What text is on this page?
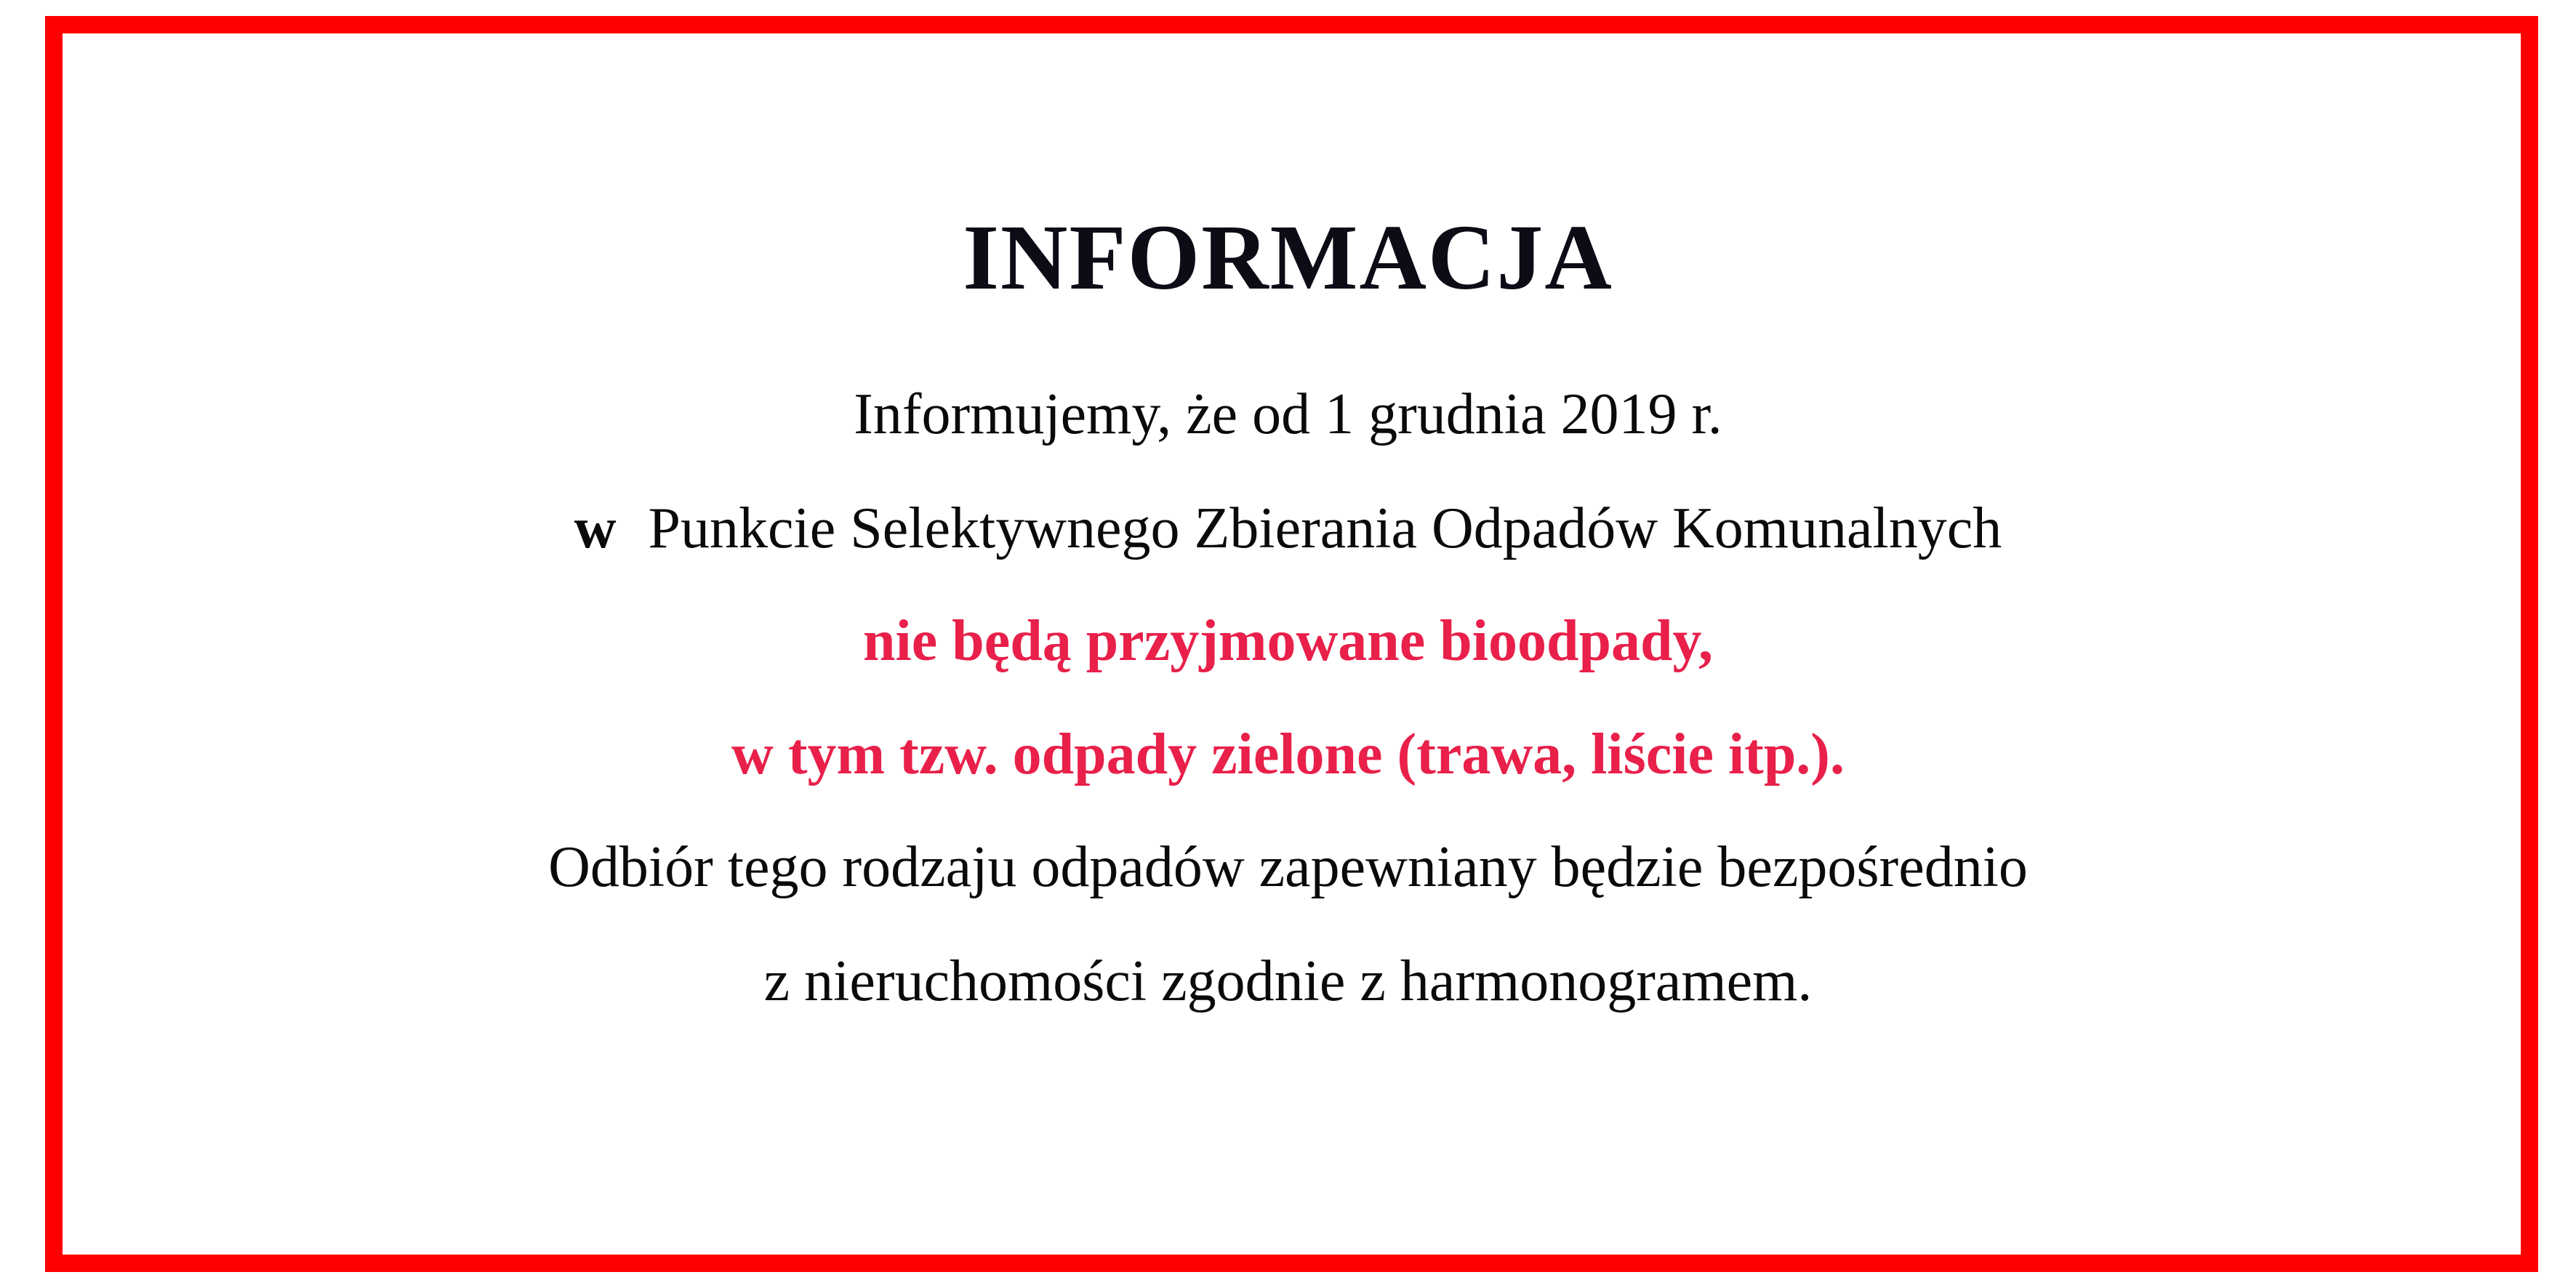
INFORMACJA
Informujemy, że od 1 grudnia 2019 r.
w Punkcie Selektywnego Zbierania Odpadów Komunalnych
nie będą przyjmowane bioodpady,
w tym tzw. odpady zielone (trawa, liście itp.).
Odbiór tego rodzaju odpadów zapewniany będzie bezpośrednio
z nieruchomości zgodnie z harmonogramem.
